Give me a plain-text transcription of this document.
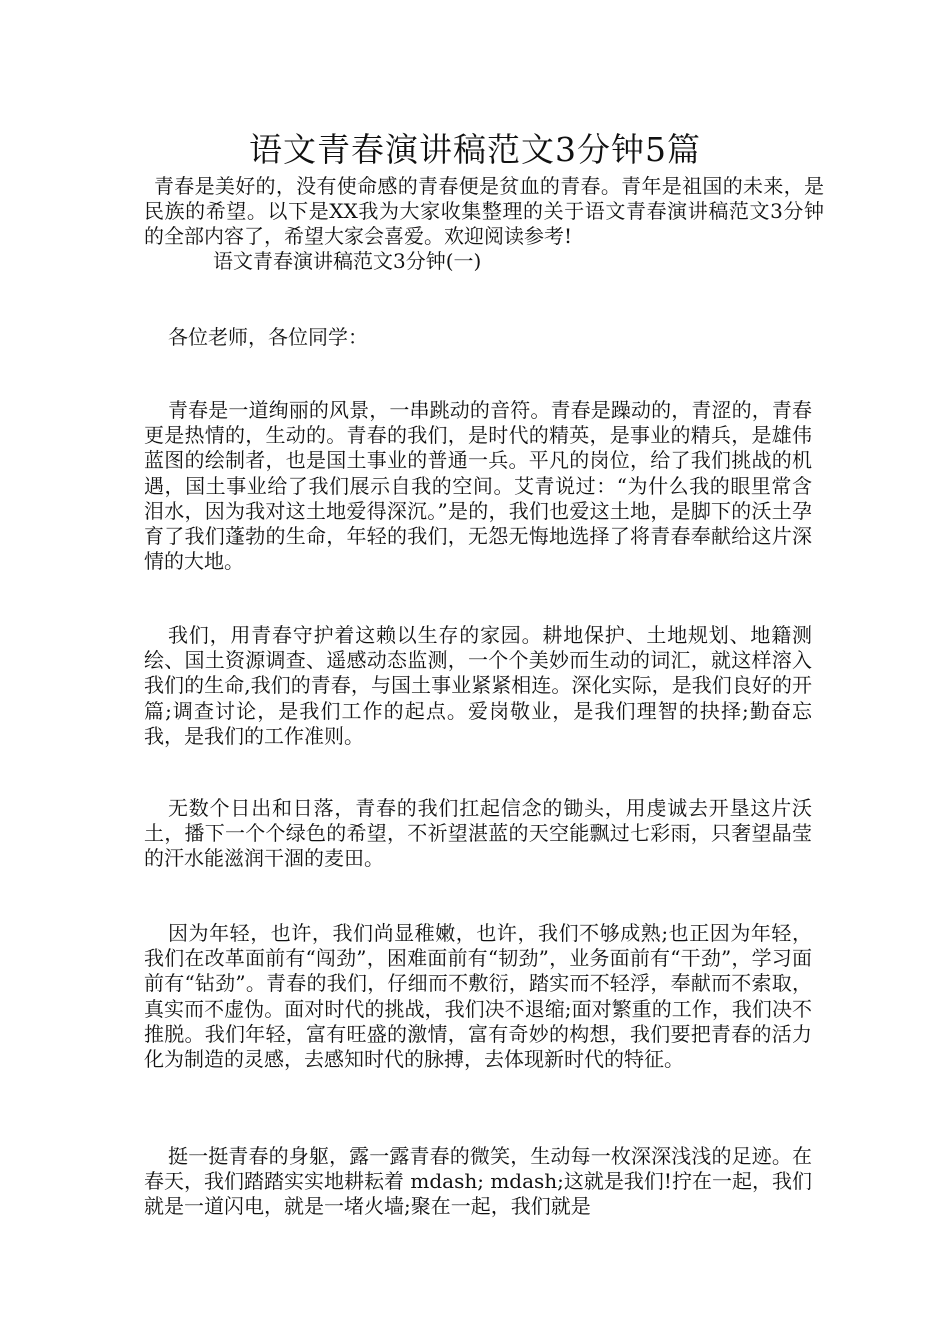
语文青春演讲稿范文3分钟5篇

青春是美好的，没有使命感的青春便是贫血的青春。青年是祖国的未来，是民族的希望。以下是XX我为大家收集整理的关于语文青春演讲稿范文3分钟的全部内容了，希望大家会喜爱。欢迎阅读参考!

语文青春演讲稿范文3分钟(一)

各位老师，各位同学：

青春是一道绚丽的风景，一串跳动的音符。青春是躁动的，青涩的，青春更是热情的，生动的。青春的我们，是时代的精英，是事业的精兵，是雄伟蓝图的绘制者，也是国土事业的普通一兵。平凡的岗位，给了我们挑战的机遇，国土事业给了我们展示自我的空间。艾青说过：“为什么我的眼里常含泪水，因为我对这土地爱得深沉。”是的，我们也爱这土地，是脚下的沃土孕育了我们蓬勃的生命，年轻的我们，无怨无悔地选择了将青春奉献给这片深情的大地。

我们，用青春守护着这赖以生存的家园。耕地保护、土地规划、地籍测绘、国土资源调查、遥感动态监测，一个个美妙而生动的词汇，就这样溶入我们的生命,我们的青春，与国土事业紧紧相连。深化实际，是我们良好的开篇;调查讨论，是我们工作的起点。爱岗敬业，是我们理智的抉择;勤奋忘我，是我们的工作准则。

无数个日出和日落，青春的我们扛起信念的锄头，用虔诚去开垦这片沃土，播下一个个绿色的希望，不祈望湛蓝的天空能飘过七彩雨，只奢望晶莹的汗水能滋润干涸的麦田。

因为年轻，也许，我们尚显稚嫩，也许，我们不够成熟;也正因为年轻，我们在改革面前有“闯劲”，困难面前有“韧劲”，业务面前有“干劲”，学习面前有“钻劲”。青春的我们，仔细而不敷衍，踏实而不轻浮，奉献而不索取，真实而不虚伪。面对时代的挑战，我们决不退缩;面对繁重的工作，我们决不推脱。我们年轻，富有旺盛的激情，富有奇妙的构想，我们要把青春的活力化为制造的灵感，去感知时代的脉搏，去体现新时代的特征。

挺一挺青春的身躯，露一露青春的微笑，生动每一枚深深浅浅的足迹。在春天，我们踏踏实实地耕耘着 mdash; mdash;这就是我们!拧在一起，我们就是一道闪电，就是一堵火墙;聚在一起，我们就是
